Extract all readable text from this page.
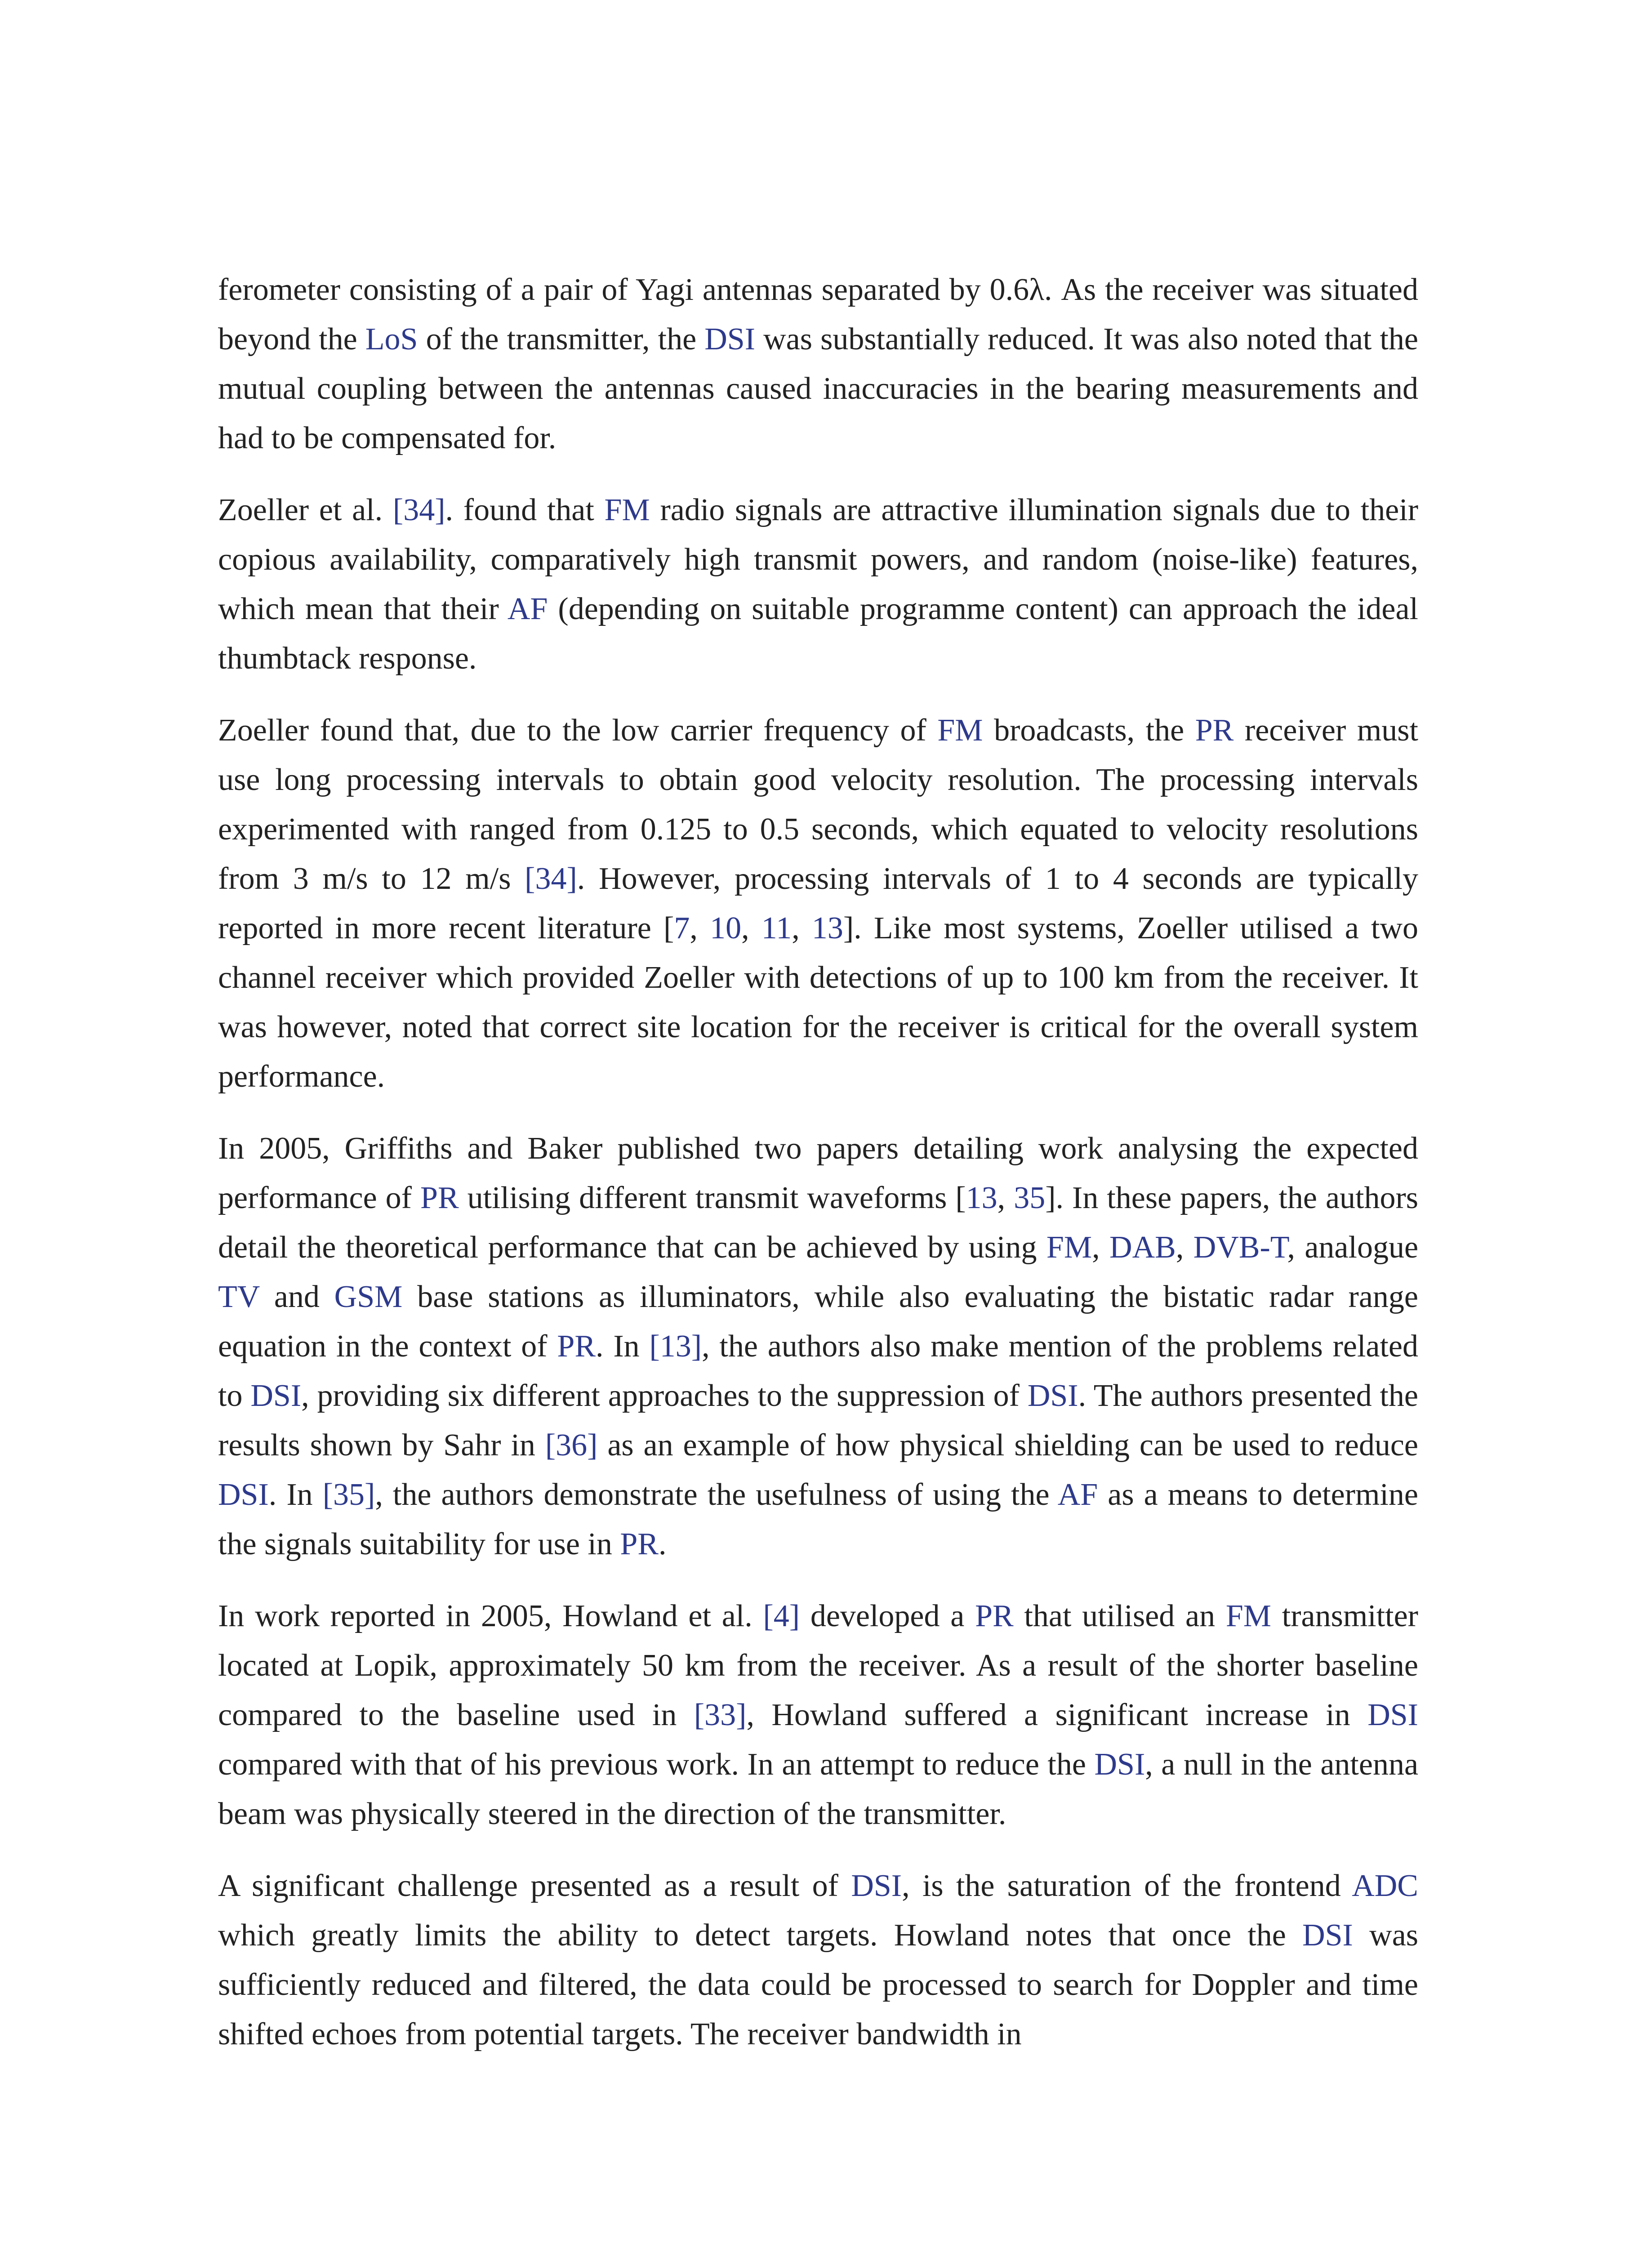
ferometer consisting of a pair of Yagi antennas separated by 0.6λ. As the receiver was situated beyond the LoS of the transmitter, the DSI was substantially reduced. It was also noted that the mutual coupling between the antennas caused inaccuracies in the bearing measurements and had to be compensated for.

Zoeller et al. [34]. found that FM radio signals are attractive illumination signals due to their copious availability, comparatively high transmit powers, and random (noise-like) features, which mean that their AF (depending on suitable programme content) can approach the ideal thumbtack response.

Zoeller found that, due to the low carrier frequency of FM broadcasts, the PR receiver must use long processing intervals to obtain good velocity resolution. The processing intervals experimented with ranged from 0.125 to 0.5 seconds, which equated to velocity resolutions from 3 m/s to 12 m/s [34]. However, processing intervals of 1 to 4 seconds are typically reported in more recent literature [7, 10, 11, 13]. Like most systems, Zoeller utilised a two channel receiver which provided Zoeller with detections of up to 100 km from the receiver. It was however, noted that correct site location for the receiver is critical for the overall system performance.

In 2005, Griffiths and Baker published two papers detailing work analysing the expected performance of PR utilising different transmit waveforms [13, 35]. In these papers, the authors detail the theoretical performance that can be achieved by using FM, DAB, DVB-T, analogue TV and GSM base stations as illuminators, while also evaluating the bistatic radar range equation in the context of PR. In [13], the authors also make mention of the problems related to DSI, providing six different approaches to the suppression of DSI. The authors presented the results shown by Sahr in [36] as an example of how physical shielding can be used to reduce DSI. In [35], the authors demonstrate the usefulness of using the AF as a means to determine the signals suitability for use in PR.

In work reported in 2005, Howland et al. [4] developed a PR that utilised an FM transmitter located at Lopik, approximately 50 km from the receiver. As a result of the shorter baseline compared to the baseline used in [33], Howland suffered a significant increase in DSI compared with that of his previous work. In an attempt to reduce the DSI, a null in the antenna beam was physically steered in the direction of the transmitter.

A significant challenge presented as a result of DSI, is the saturation of the frontend ADC which greatly limits the ability to detect targets. Howland notes that once the DSI was sufficiently reduced and filtered, the data could be processed to search for Doppler and time shifted echoes from potential targets. The receiver bandwidth in
